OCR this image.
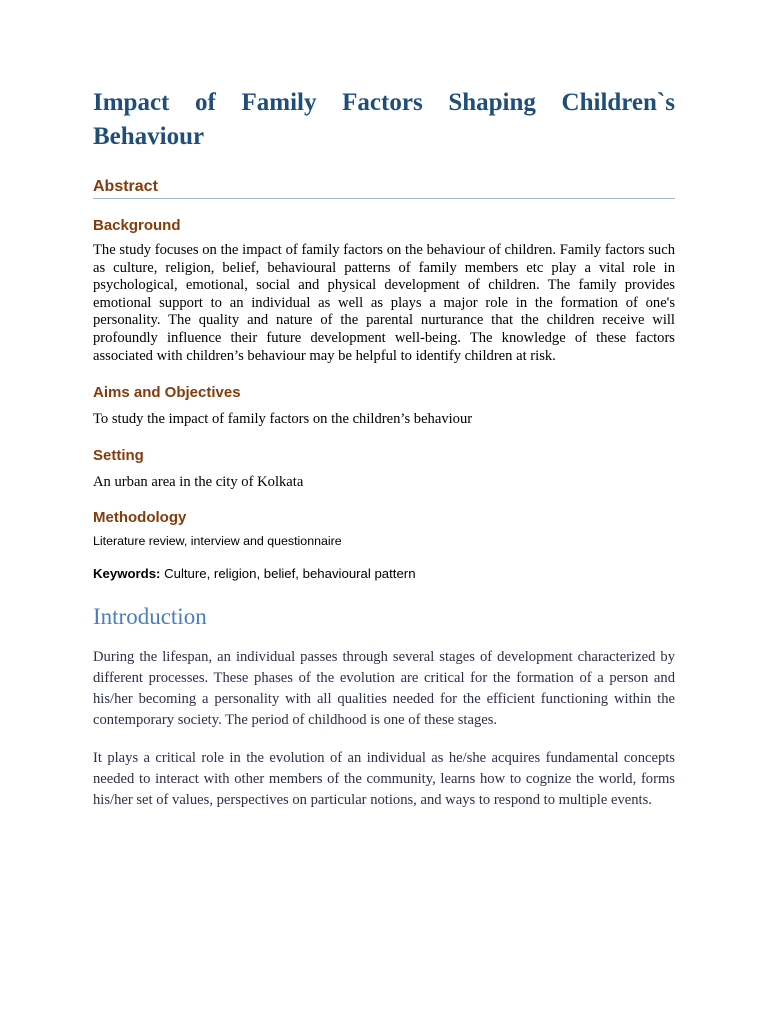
Impact of Family Factors Shaping Children`s Behaviour
Abstract
Background

The study focuses on the impact of family factors on the behaviour of children. Family factors such as culture, religion, belief, behavioural patterns of family members etc play a vital role in psychological, emotional, social and physical development of children. The family provides emotional support to an individual as well as plays a major role in the formation of one's personality. The quality and nature of the parental nurturance that the children receive will profoundly influence their future development well-being. The knowledge of these factors associated with children’s behaviour may be helpful to identify children at risk.

Aims and Objectives

To study the impact of family factors on the children’s behaviour

Setting

An urban area in the city of Kolkata

Methodology

Literature review, interview and questionnaire

Keywords: Culture, religion, belief, behavioural pattern

Introduction

During the lifespan, an individual passes through several stages of development characterized by different processes. These phases of the evolution are critical for the formation of a person and his/her becoming a personality with all qualities needed for the efficient functioning within the contemporary society. The period of childhood is one of these stages.

It plays a critical role in the evolution of an individual as he/she acquires fundamental concepts needed to interact with other members of the community, learns how to cognize the world, forms his/her set of values, perspectives on particular notions, and ways to respond to multiple events.
